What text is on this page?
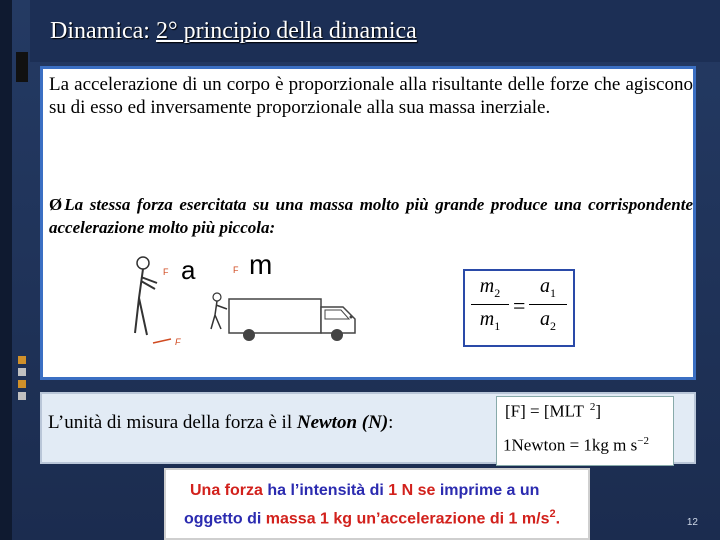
Dinamica: 2° principio della dinamica
La accelerazione di un corpo è proporzionale alla risultante delle forze che agiscono su di esso ed inversamente proporzionale alla sua massa inerziale.
Ø La stessa forza esercitata su una massa molto più grande produce una corrispondente accelerazione molto più piccola:
F a	F m
F
$m_2$
$m_1$
=
$a_1$
$a_2$
L’unità di misura della forza è il Newton (N):
[F] = [MLT $^2$]
1Newton = 1kg m $s^{-2}$
Una forza ha l’intensità di 1 N se imprime a un
oggetto di massa 1 kg un’accelerazione di 1 $m/s^2$.	12
